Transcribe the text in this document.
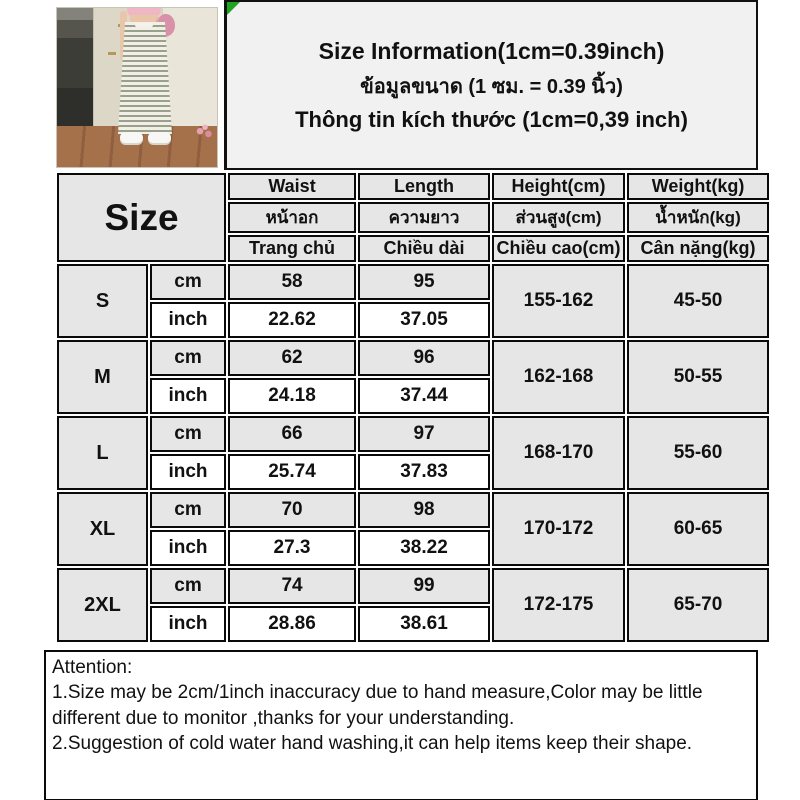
Size Information(1cm=0.39inch)
ข้อมูลขนาด (1 ซม. = 0.39 นิ้ว)
Thông tin kích thước (1cm=0,39 inch)
Size		Waist	Length	Height(cm)	Weight(kg)
		หน้าอก	ความยาว	ส่วนสูง(cm)	น้ำหนัก(kg)
		Trang chủ	Chiều dài	Chiều cao(cm)	Cân nặng(kg)
S	cm	58	95	155-162	45-50
	inch	22.62	37.05		
M	cm	62	96	162-168	50-55
	inch	24.18	37.44		
L	cm	66	97	168-170	55-60
	inch	25.74	37.83		
XL	cm	70	98	170-172	60-65
	inch	27.3	38.22		
2XL	cm	74	99	172-175	65-70
	inch	28.86	38.61		

Attention:

1.Size may be 2cm/1inch inaccuracy due to hand measure,Color may be little different due to monitor ,thanks for your understanding.

2.Suggestion of cold water hand washing,it can help items keep their shape.
